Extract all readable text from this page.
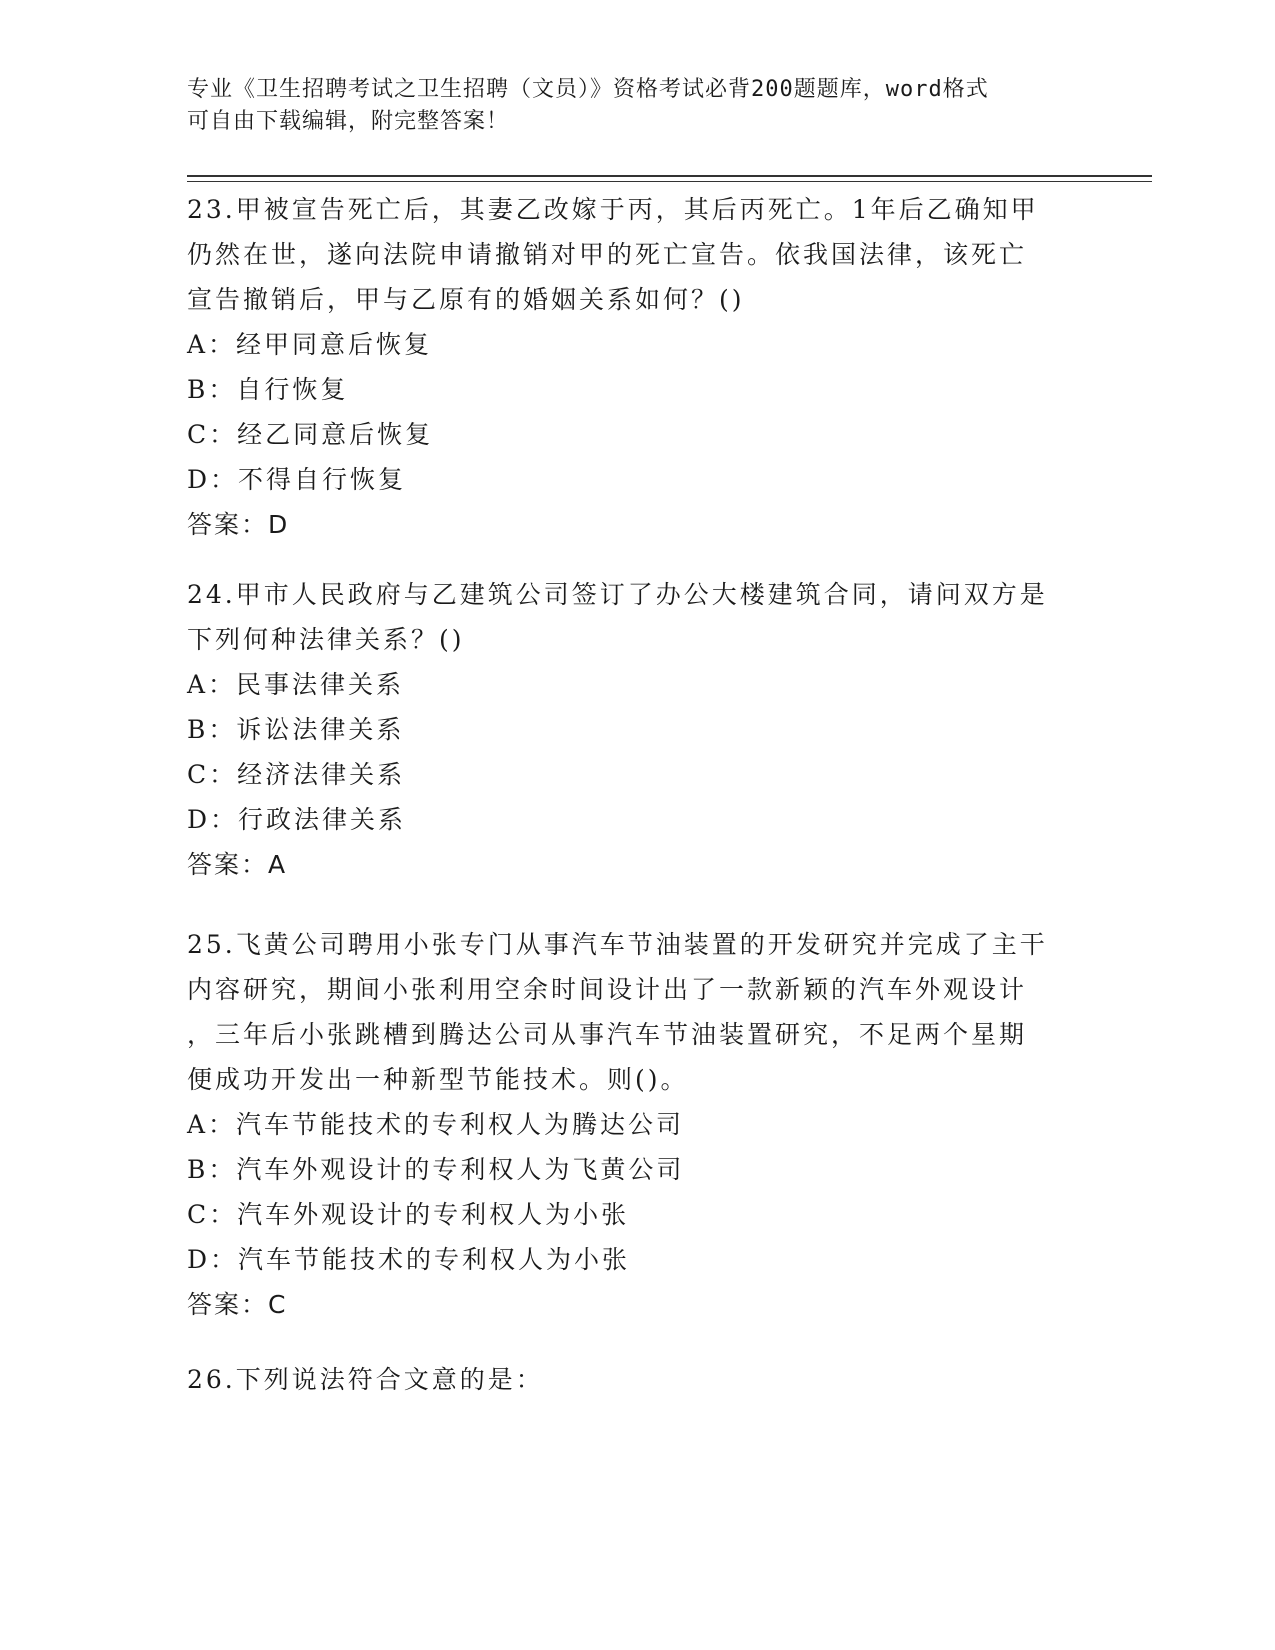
专业《卫生招聘考试之卫生招聘（文员）》资格考试必背200题题库，word格式
可自由下载编辑，附完整答案！
23.甲被宣告死亡后，其妻乙改嫁于丙，其后丙死亡。1年后乙确知甲
仍然在世，遂向法院申请撤销对甲的死亡宣告。依我国法律，该死亡
宣告撤销后，甲与乙原有的婚姻关系如何？()
A：经甲同意后恢复
B：自行恢复
C：经乙同意后恢复
D：不得自行恢复
答案：D
24.甲市人民政府与乙建筑公司签订了办公大楼建筑合同，请问双方是
下列何种法律关系？()
A：民事法律关系
B：诉讼法律关系
C：经济法律关系
D：行政法律关系
答案：A
25.飞黄公司聘用小张专门从事汽车节油装置的开发研究并完成了主干
内容研究，期间小张利用空余时间设计出了一款新颖的汽车外观设计
，三年后小张跳槽到腾达公司从事汽车节油装置研究，不足两个星期
便成功开发出一种新型节能技术。则()。
A：汽车节能技术的专利权人为腾达公司
B：汽车外观设计的专利权人为飞黄公司
C：汽车外观设计的专利权人为小张
D：汽车节能技术的专利权人为小张
答案：C
26.下列说法符合文意的是：
